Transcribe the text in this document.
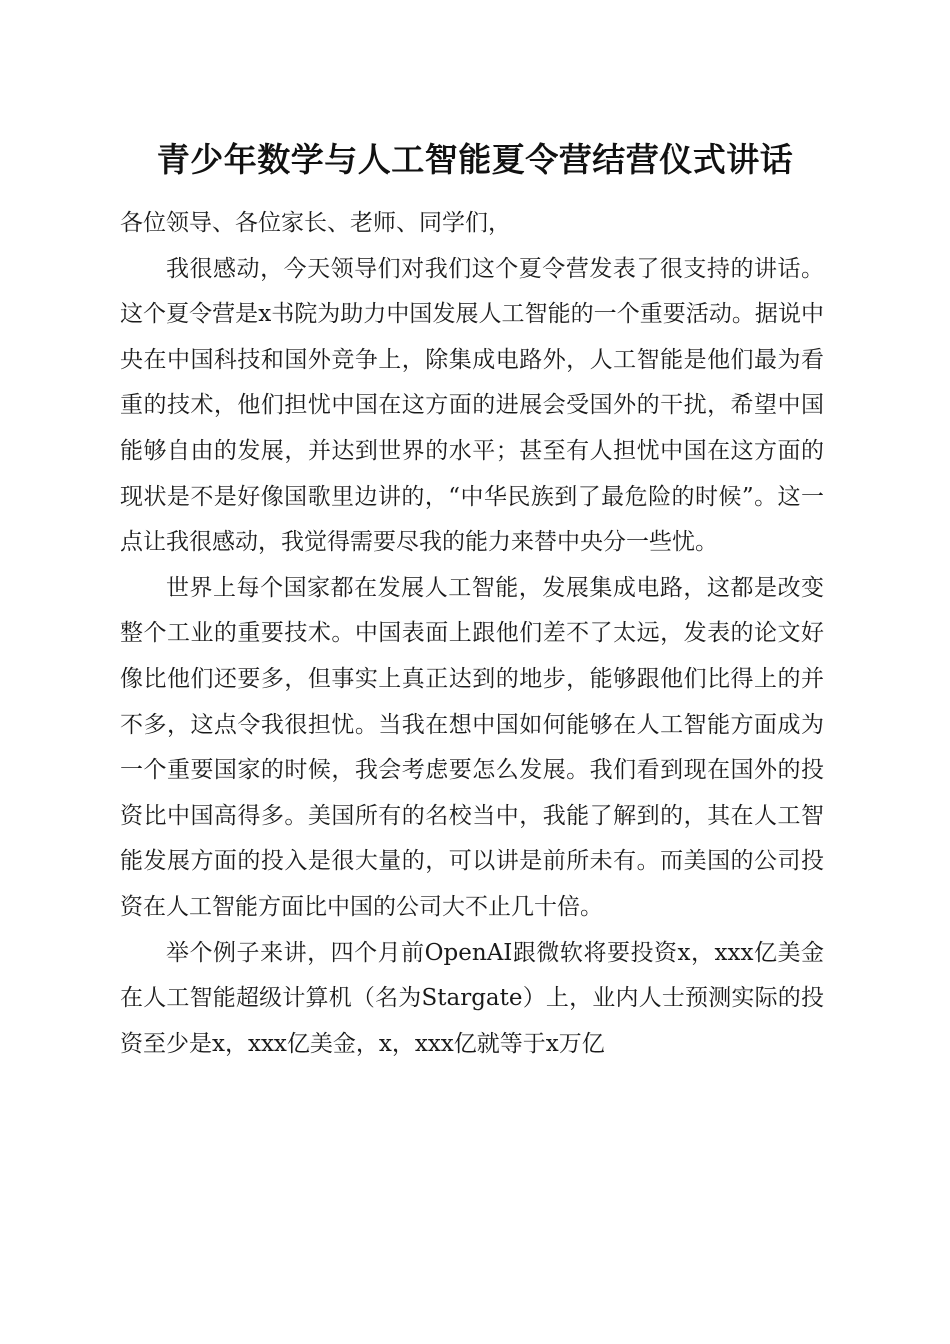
青少年数学与人工智能夏令营结营仪式讲话

各位领导、各位家长、老师、同学们，

我很感动，今天领导们对我们这个夏令营发表了很支持的讲话。这个夏令营是x书院为助力中国发展人工智能的一个重要活动。据说中央在中国科技和国外竞争上，除集成电路外，人工智能是他们最为看重的技术，他们担忧中国在这方面的进展会受国外的干扰，希望中国能够自由的发展，并达到世界的水平；甚至有人担忧中国在这方面的现状是不是好像国歌里边讲的，“中华民族到了最危险的时候”。这一点让我很感动，我觉得需要尽我的能力来替中央分一些忧。

世界上每个国家都在发展人工智能，发展集成电路，这都是改变整个工业的重要技术。中国表面上跟他们差不了太远，发表的论文好像比他们还要多，但事实上真正达到的地步，能够跟他们比得上的并不多，这点令我很担忧。当我在想中国如何能够在人工智能方面成为一个重要国家的时候，我会考虑要怎么发展。我们看到现在国外的投资比中国高得多。美国所有的名校当中，我能了解到的，其在人工智能发展方面的投入是很大量的，可以讲是前所未有。而美国的公司投资在人工智能方面比中国的公司大不止几十倍。

举个例子来讲，四个月前OpenAI跟微软将要投资x，xxx亿美金在人工智能超级计算机（名为Stargate）上，业内人士预测实际的投资至少是x，xxx亿美金，x，xxx亿就等于x万亿
